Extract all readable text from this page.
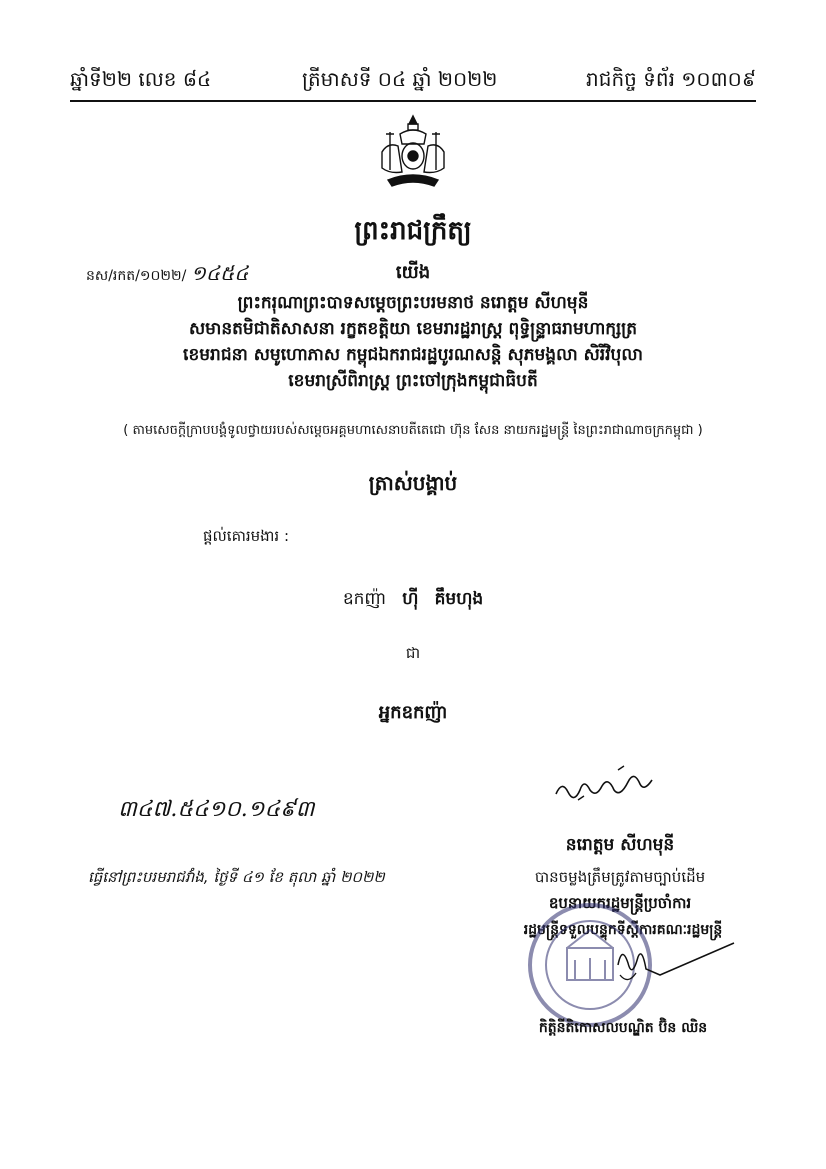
ឆ្នាំទី២២ លេខ ៨៤	ត្រីមាសទី ០៤ ឆ្នាំ ២០២២	រាជកិច្ច ទំព័រ ១០៣០៩
ព្រះរាជក្រឹត្យ
នស/រកត/១០២២/ ១៤៥៤	យើង
ព្រះករុណាព្រះបាទសម្តេចព្រះបរមនាថ នរោត្តម សីហមុនី
សមានតមិជាតិសាសនា រក្ខតខត្តិយា ខេមរារដ្ឋរាស្ត្រ ពុទ្ធិន្ទ្រាធរាមហាក្សត្រ
ខេមរាជនា សមូហោភាស កម្ពុជឯករាជរដ្ឋបូរណសន្តិ សុភមង្គលា សិរីវិបុលា
ខេមរាស្រីពិរាស្ត្រ ព្រះចៅក្រុងកម្ពុជាធិបតី
( តាមសេចក្តីក្រាបបង្គំទូលថ្វាយរបស់សម្តេចអគ្គមហាសេនាបតីតេជោ ហ៊ុន សែន នាយករដ្ឋមន្ត្រី នៃព្រះរាជាណាចក្រកម្ពុជា )
ត្រាស់បង្គាប់
ផ្តល់គោរមងារ :
ឧកញ៉ា ហ៊ី គឹមហុង
ជា
អ្នកឧកញ៉ា
៣៤៧.៥៤១០.១៤៩៣
នរោត្តម សីហមុនី
ធ្វើនៅព្រះបរមរាជវាំង, ថ្ងៃទី ៤១ ខែ តុលា ឆ្នាំ ២០២២	បានចម្លងត្រឹមត្រូវតាមច្បាប់ដើម
ឧបនាយករដ្ឋមន្ត្រីប្រចាំការ
រដ្ឋមន្ត្រីទទួលបន្ទុកទីស្តីការគណៈរដ្ឋមន្ត្រី
កិត្តិនីតិកោសលបណ្ឌិត ប៊ិន ឈិន
